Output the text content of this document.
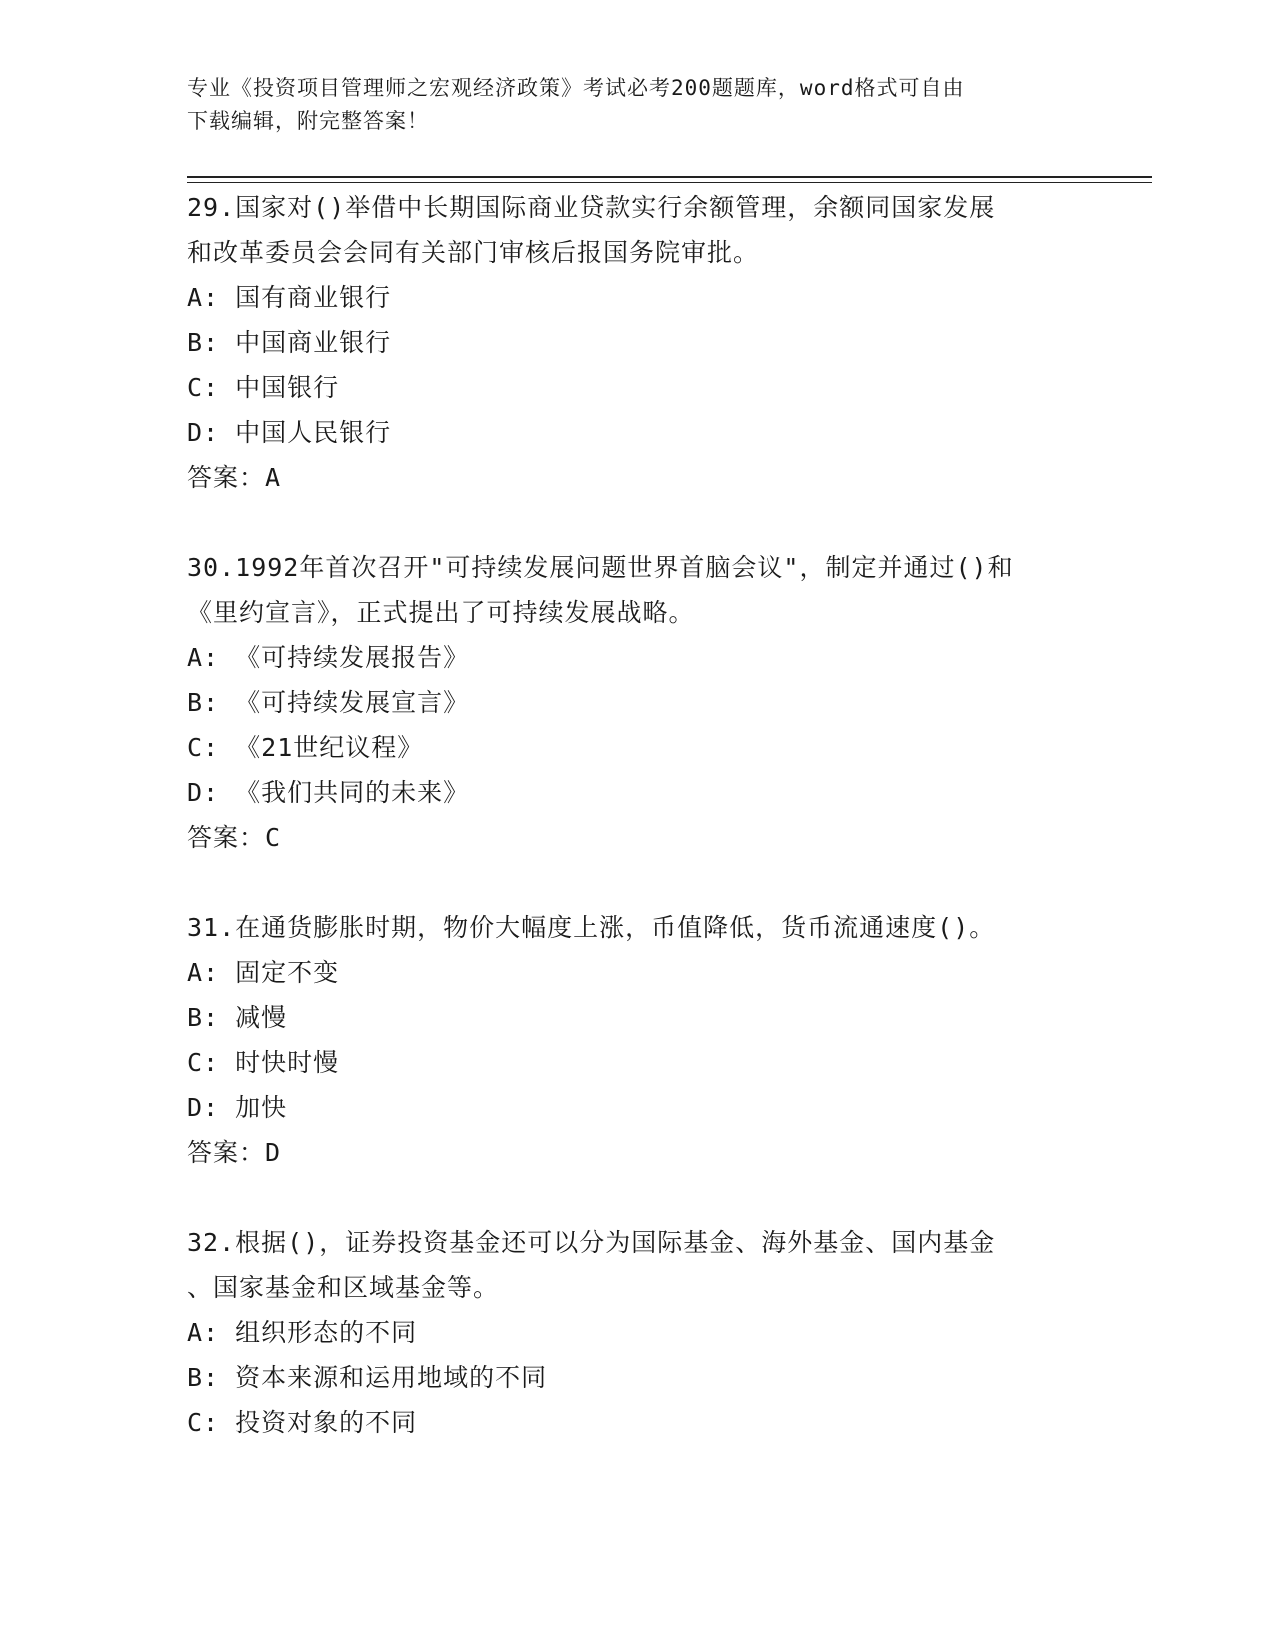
专业《投资项目管理师之宏观经济政策》考试必考200题题库，word格式可自由
下载编辑，附完整答案！
29.国家对()举借中长期国际商业贷款实行余额管理，余额同国家发展
和改革委员会会同有关部门审核后报国务院审批。
A: 国有商业银行
B: 中国商业银行
C: 中国银行
D: 中国人民银行
答案：A
30.1992年首次召开"可持续发展问题世界首脑会议"，制定并通过()和
《里约宣言》，正式提出了可持续发展战略。
A: 《可持续发展报告》
B: 《可持续发展宣言》
C: 《21世纪议程》
D: 《我们共同的未来》
答案：C
31.在通货膨胀时期，物价大幅度上涨，币值降低，货币流通速度()。
A: 固定不变
B: 减慢
C: 时快时慢
D: 加快
答案：D
32.根据()，证券投资基金还可以分为国际基金、海外基金、国内基金
、国家基金和区域基金等。
A: 组织形态的不同
B: 资本来源和运用地域的不同
C: 投资对象的不同
